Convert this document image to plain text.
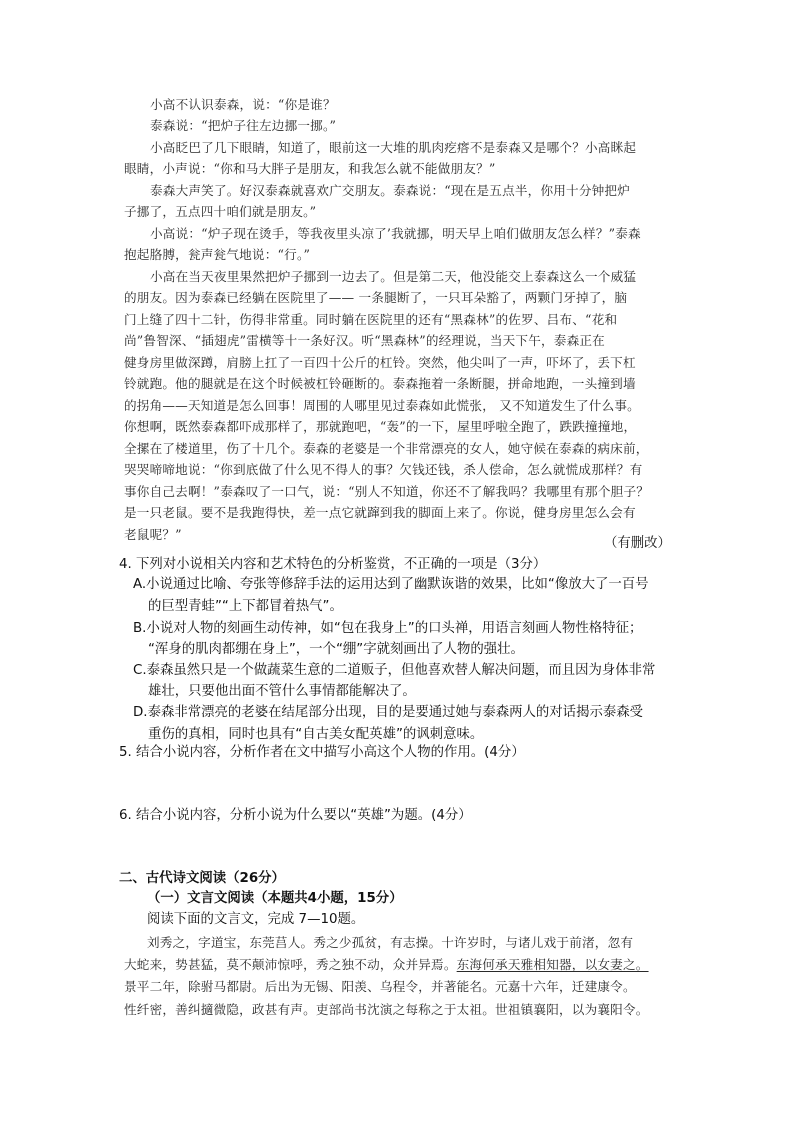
小高不认识泰森，说：“你是谁？
泰森说：“把炉子往左边挪一挪。”
小高眨巴了几下眼睛，知道了，眼前这一大堆的肌肉疙瘩不是泰森又是哪个？小高眯起
眼睛，小声说：“你和马大胖子是朋友，和我怎么就不能做朋友？”
泰森大声笑了。好汉泰森就喜欢广交朋友。泰森说：“现在是五点半，你用十分钟把炉
子挪了，五点四十咱们就是朋友。”
小高说：“炉子现在烫手，等我夜里头凉了’我就挪，明天早上咱们做朋友怎么样？”泰森
抱起胳膊，瓮声瓮气地说：“行。”
小高在当天夜里果然把炉子挪到一边去了。但是第二天，他没能交上泰森这么一个威猛
的朋友。因为泰森已经躺在医院里了—— 一条腿断了，一只耳朵豁了，两颗门牙掉了，脑
门上缝了四十二针，伤得非常重。同时躺在医院里的还有“黑森林”的佐罗、吕布、“花和
尚”鲁智深、“插翅虎”雷横等十一条好汉。听“黑森林”的经理说，当天下午，泰森正在
健身房里做深蹲，肩膀上扛了一百四十公斤的杠铃。突然，他尖叫了一声，吓坏了，丢下杠
铃就跑。他的腿就是在这个时候被杠铃砸断的。泰森拖着一条断腿，拼命地跑，一头撞到墙
的拐角——天知道是怎么回事！周围的人哪里见过泰森如此慌张， 又不知道发生了什么事。
你想啊，既然泰森都吓成那样了，那就跑吧，“轰”的一下，屋里呼啦全跑了，跌跌撞撞地，
全摞在了楼道里，伤了十几个。泰森的老婆是一个非常漂亮的女人，她守候在泰森的病床前，
哭哭啼啼地说：“你到底做了什么见不得人的事？欠钱还钱，杀人偿命，怎么就慌成那样？有
事你自己去啊！”泰森叹了一口气，说：“别人不知道，你还不了解我吗？我哪里有那个胆子？
是一只老鼠。要不是我跑得快，差一点它就蹿到我的脚面上来了。你说，健身房里怎么会有
老鼠呢？”
（有删改）
4. 下列对小说相关内容和艺术特色的分析鉴赏，不正确的一项是（3分）
A.小说通过比喻、夸张等修辞手法的运用达到了幽默诙谐的效果，比如“像放大了一百号
的巨型青蛙”“上下都冒着热气”。
B.小说对人物的刻画生动传神，如“包在我身上”的口头禅，用语言刻画人物性格特征；
“浑身的肌肉都绷在身上”，一个“绷”字就刻画出了人物的强壮。
C.泰森虽然只是一个做蔬菜生意的二道贩子，但他喜欢替人解决问题，而且因为身体非常
雄壮，只要他出面不管什么事情都能解决了。
D.泰森非常漂亮的老婆在结尾部分出现，目的是要通过她与泰森两人的对话揭示泰森受
重伤的真相，同时也具有“自古美女配英雄”的讽刺意味。
5. 结合小说内容，分析作者在文中描写小高这个人物的作用。(4分）
6. 结合小说内容，分析小说为什么要以“英雄”为题。(4分）
二、古代诗文阅读（26分）
（一）文言文阅读（本题共4小题，15分）
阅读下面的文言文，完成 7—10题。
刘秀之，字道宝，东莞莒人。秀之少孤贫，有志操。十许岁时，与诸儿戏于前渚，忽有
大蛇来，势甚猛，莫不颠沛惊呼，秀之独不动，众并异焉。东海何承天雅相知器，以女妻之。
景平二年，除驸马都尉。后出为无锡、阳羡、乌程令，并著能名。元嘉十六年，迁建康令。
性纤密，善纠擿微隐，政甚有声。吏部尚书沈演之每称之于太祖。世祖镇襄阳，以为襄阳令。
